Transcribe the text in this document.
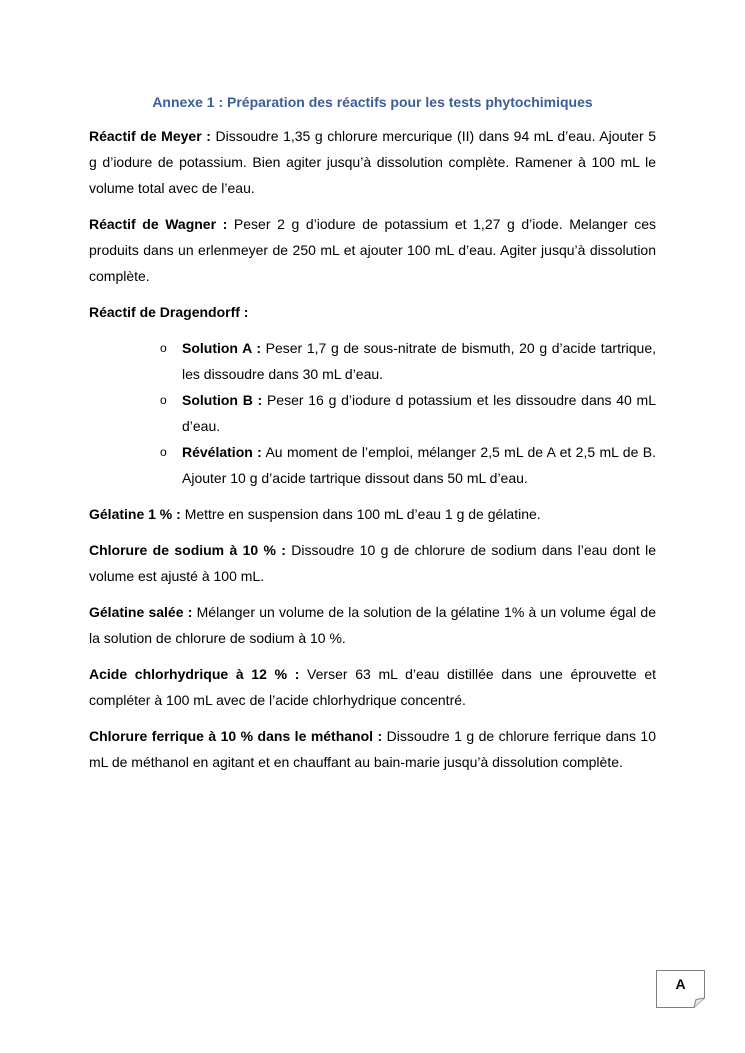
Annexe 1 : Préparation des réactifs pour les tests phytochimiques

Réactif de Meyer : Dissoudre 1,35 g chlorure mercurique (II) dans 94 mL d’eau. Ajouter 5 g d’iodure de potassium. Bien agiter jusqu’à dissolution complète. Ramener à 100 mL le volume total avec de l’eau.

Réactif de Wagner : Peser 2 g d’iodure de potassium et 1,27 g d’iode. Melanger ces produits dans un erlenmeyer de 250 mL et ajouter 100 mL d’eau. Agiter jusqu’à dissolution complète.

Réactif de Dragendorff :

o Solution A : Peser 1,7 g de sous-nitrate de bismuth, 20 g d’acide tartrique, les dissoudre dans 30 mL d’eau.
o Solution B : Peser 16 g d’iodure d potassium et les dissoudre dans 40 mL d’eau.
o Révélation : Au moment de l’emploi, mélanger 2,5 mL de A et 2,5 mL de B. Ajouter 10 g d’acide tartrique dissout dans 50 mL d’eau.

Gélatine 1 % : Mettre en suspension dans 100 mL d’eau 1 g de gélatine.

Chlorure de sodium à 10 % : Dissoudre 10 g de chlorure de sodium dans l’eau dont le volume est ajusté à 100 mL.

Gélatine salée : Mélanger un volume de la solution de la gélatine 1% à un volume égal de la solution de chlorure de sodium à 10 %.

Acide chlorhydrique à 12 % : Verser 63 mL d’eau distillée dans une éprouvette et compléter à 100 mL avec de l’acide chlorhydrique concentré.

Chlorure ferrique à 10 % dans le méthanol : Dissoudre 1 g de chlorure ferrique dans 10 mL de méthanol en agitant et en chauffant au bain-marie jusqu’à dissolution complète.

A
